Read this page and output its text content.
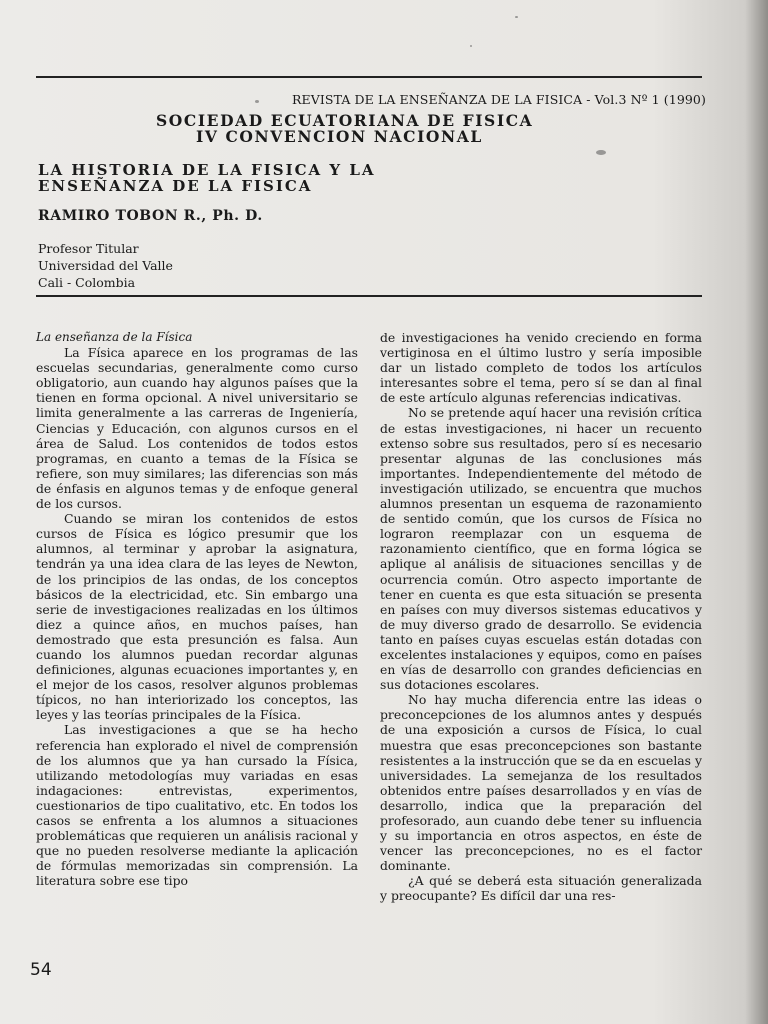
REVISTA DE LA ENSEÑANZA DE LA FISICA - Vol.3 Nº 1 (1990)
SOCIEDAD ECUATORIANA DE FISICA
IV CONVENCION NACIONAL
LA HISTORIA DE LA FISICA Y LA
ENSEÑANZA DE LA FISICA
RAMIRO TOBON R., Ph. D.
Profesor Titular
Universidad del Valle
Cali - Colombia

La enseñanza de la Física

La Física aparece en los programas de las escuelas secundarias, generalmente como curso obligatorio, aun cuando hay algunos países que la tienen en forma opcional. A nivel universitario se limita generalmente a las carreras de Ingeniería, Ciencias y Educación, con algunos cursos en el área de Salud. Los contenidos de todos estos programas, en cuanto a temas de la Física se refiere, son muy similares; las diferencias son más de énfasis en algunos temas y de enfoque general de los cursos.

Cuando se miran los contenidos de estos cursos de Física es lógico presumir que los alumnos, al terminar y aprobar la asignatura, tendrán ya una idea clara de las leyes de Newton, de los principios de las ondas, de los conceptos básicos de la electricidad, etc. Sin embargo una serie de investigaciones realizadas en los últimos diez a quince años, en muchos países, han demostrado que esta presunción es falsa. Aun cuando los alumnos puedan recordar algunas definiciones, algunas ecuaciones importantes y, en el mejor de los casos, resolver algunos problemas típicos, no han interiorizado los conceptos, las leyes y las teorías principales de la Física.

Las investigaciones a que se ha hecho referencia han explorado el nivel de comprensión de los alumnos que ya han cursado la Física, utilizando metodologías muy variadas en esas indagaciones: entrevistas, experimentos, cuestionarios de tipo cualitativo, etc. En todos los casos se enfrenta a los alumnos a situaciones problemáticas que requieren un análisis racional y que no pueden resolverse mediante la aplicación de fórmulas memorizadas sin comprensión. La literatura sobre ese tipo

de investigaciones ha venido creciendo en forma vertiginosa en el último lustro y sería imposible dar un listado completo de todos los artículos interesantes sobre el tema, pero sí se dan al final de este artículo algunas referencias indicativas.

No se pretende aquí hacer una revisión crítica de estas investigaciones, ni hacer un recuento extenso sobre sus resultados, pero sí es necesario presentar algunas de las conclusiones más importantes. Independientemente del método de investigación utilizado, se encuentra que muchos alumnos presentan un esquema de razonamiento de sentido común, que los cursos de Física no lograron reemplazar con un esquema de razonamiento científico, que en forma lógica se aplique al análisis de situaciones sencillas y de ocurrencia común. Otro aspecto importante de tener en cuenta es que esta situación se presenta en países con muy diversos sistemas educativos y de muy diverso grado de desarrollo. Se evidencia tanto en países cuyas escuelas están dotadas con excelentes instalaciones y equipos, como en países en vías de desarrollo con grandes deficiencias en sus dotaciones escolares.

No hay mucha diferencia entre las ideas o preconcepciones de los alumnos antes y después de una exposición a cursos de Física, lo cual muestra que esas preconcepciones son bastante resistentes a la instrucción que se da en escuelas y universidades. La semejanza de los resultados obtenidos entre países desarrollados y en vías de desarrollo, indica que la preparación del profesorado, aun cuando debe tener su influencia y su importancia en otros aspectos, en éste de vencer las preconcepciones, no es el factor dominante.

¿A qué se deberá esta situación generalizada y preocupante? Es difícil dar una res-

54
